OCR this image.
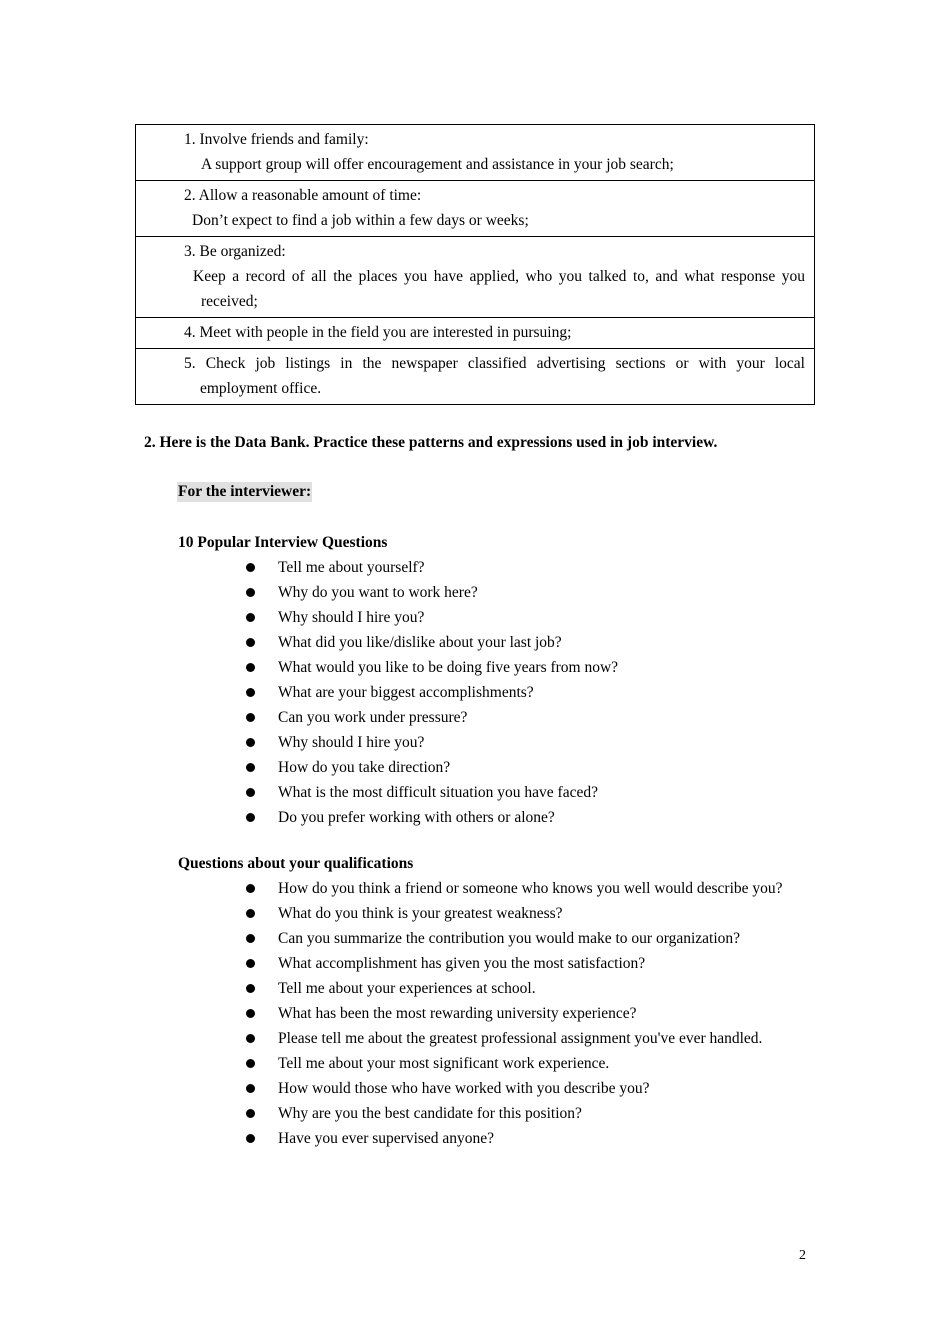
1. Involve friends and family:
A support group will offer encouragement and assistance in your job search;
2. Allow a reasonable amount of time:
Don’t expect to find a job within a few days or weeks;
3. Be organized:
Keep a record of all the places you have applied, who you talked to, and what response you received;
4. Meet with people in the field you are interested in pursuing;
5. Check job listings in the newspaper classified advertising sections or with your local employment office.
2. Here is the Data Bank. Practice these patterns and expressions used in job interview.
For the interviewer:
10 Popular Interview Questions
Tell me about yourself?
Why do you want to work here?
Why should I hire you?
What did you like/dislike about your last job?
What would you like to be doing five years from now?
What are your biggest accomplishments?
Can you work under pressure?
Why should I hire you?
How do you take direction?
What is the most difficult situation you have faced?
Do you prefer working with others or alone?
Questions about your qualifications
How do you think a friend or someone who knows you well would describe you?
What do you think is your greatest weakness?
Can you summarize the contribution you would make to our organization?
What accomplishment has given you the most satisfaction?
Tell me about your experiences at school.
What has been the most rewarding university experience?
Please tell me about the greatest professional assignment you've ever handled.
Tell me about your most significant work experience.
How would those who have worked with you describe you?
Why are you the best candidate for this position?
Have you ever supervised anyone?
2
